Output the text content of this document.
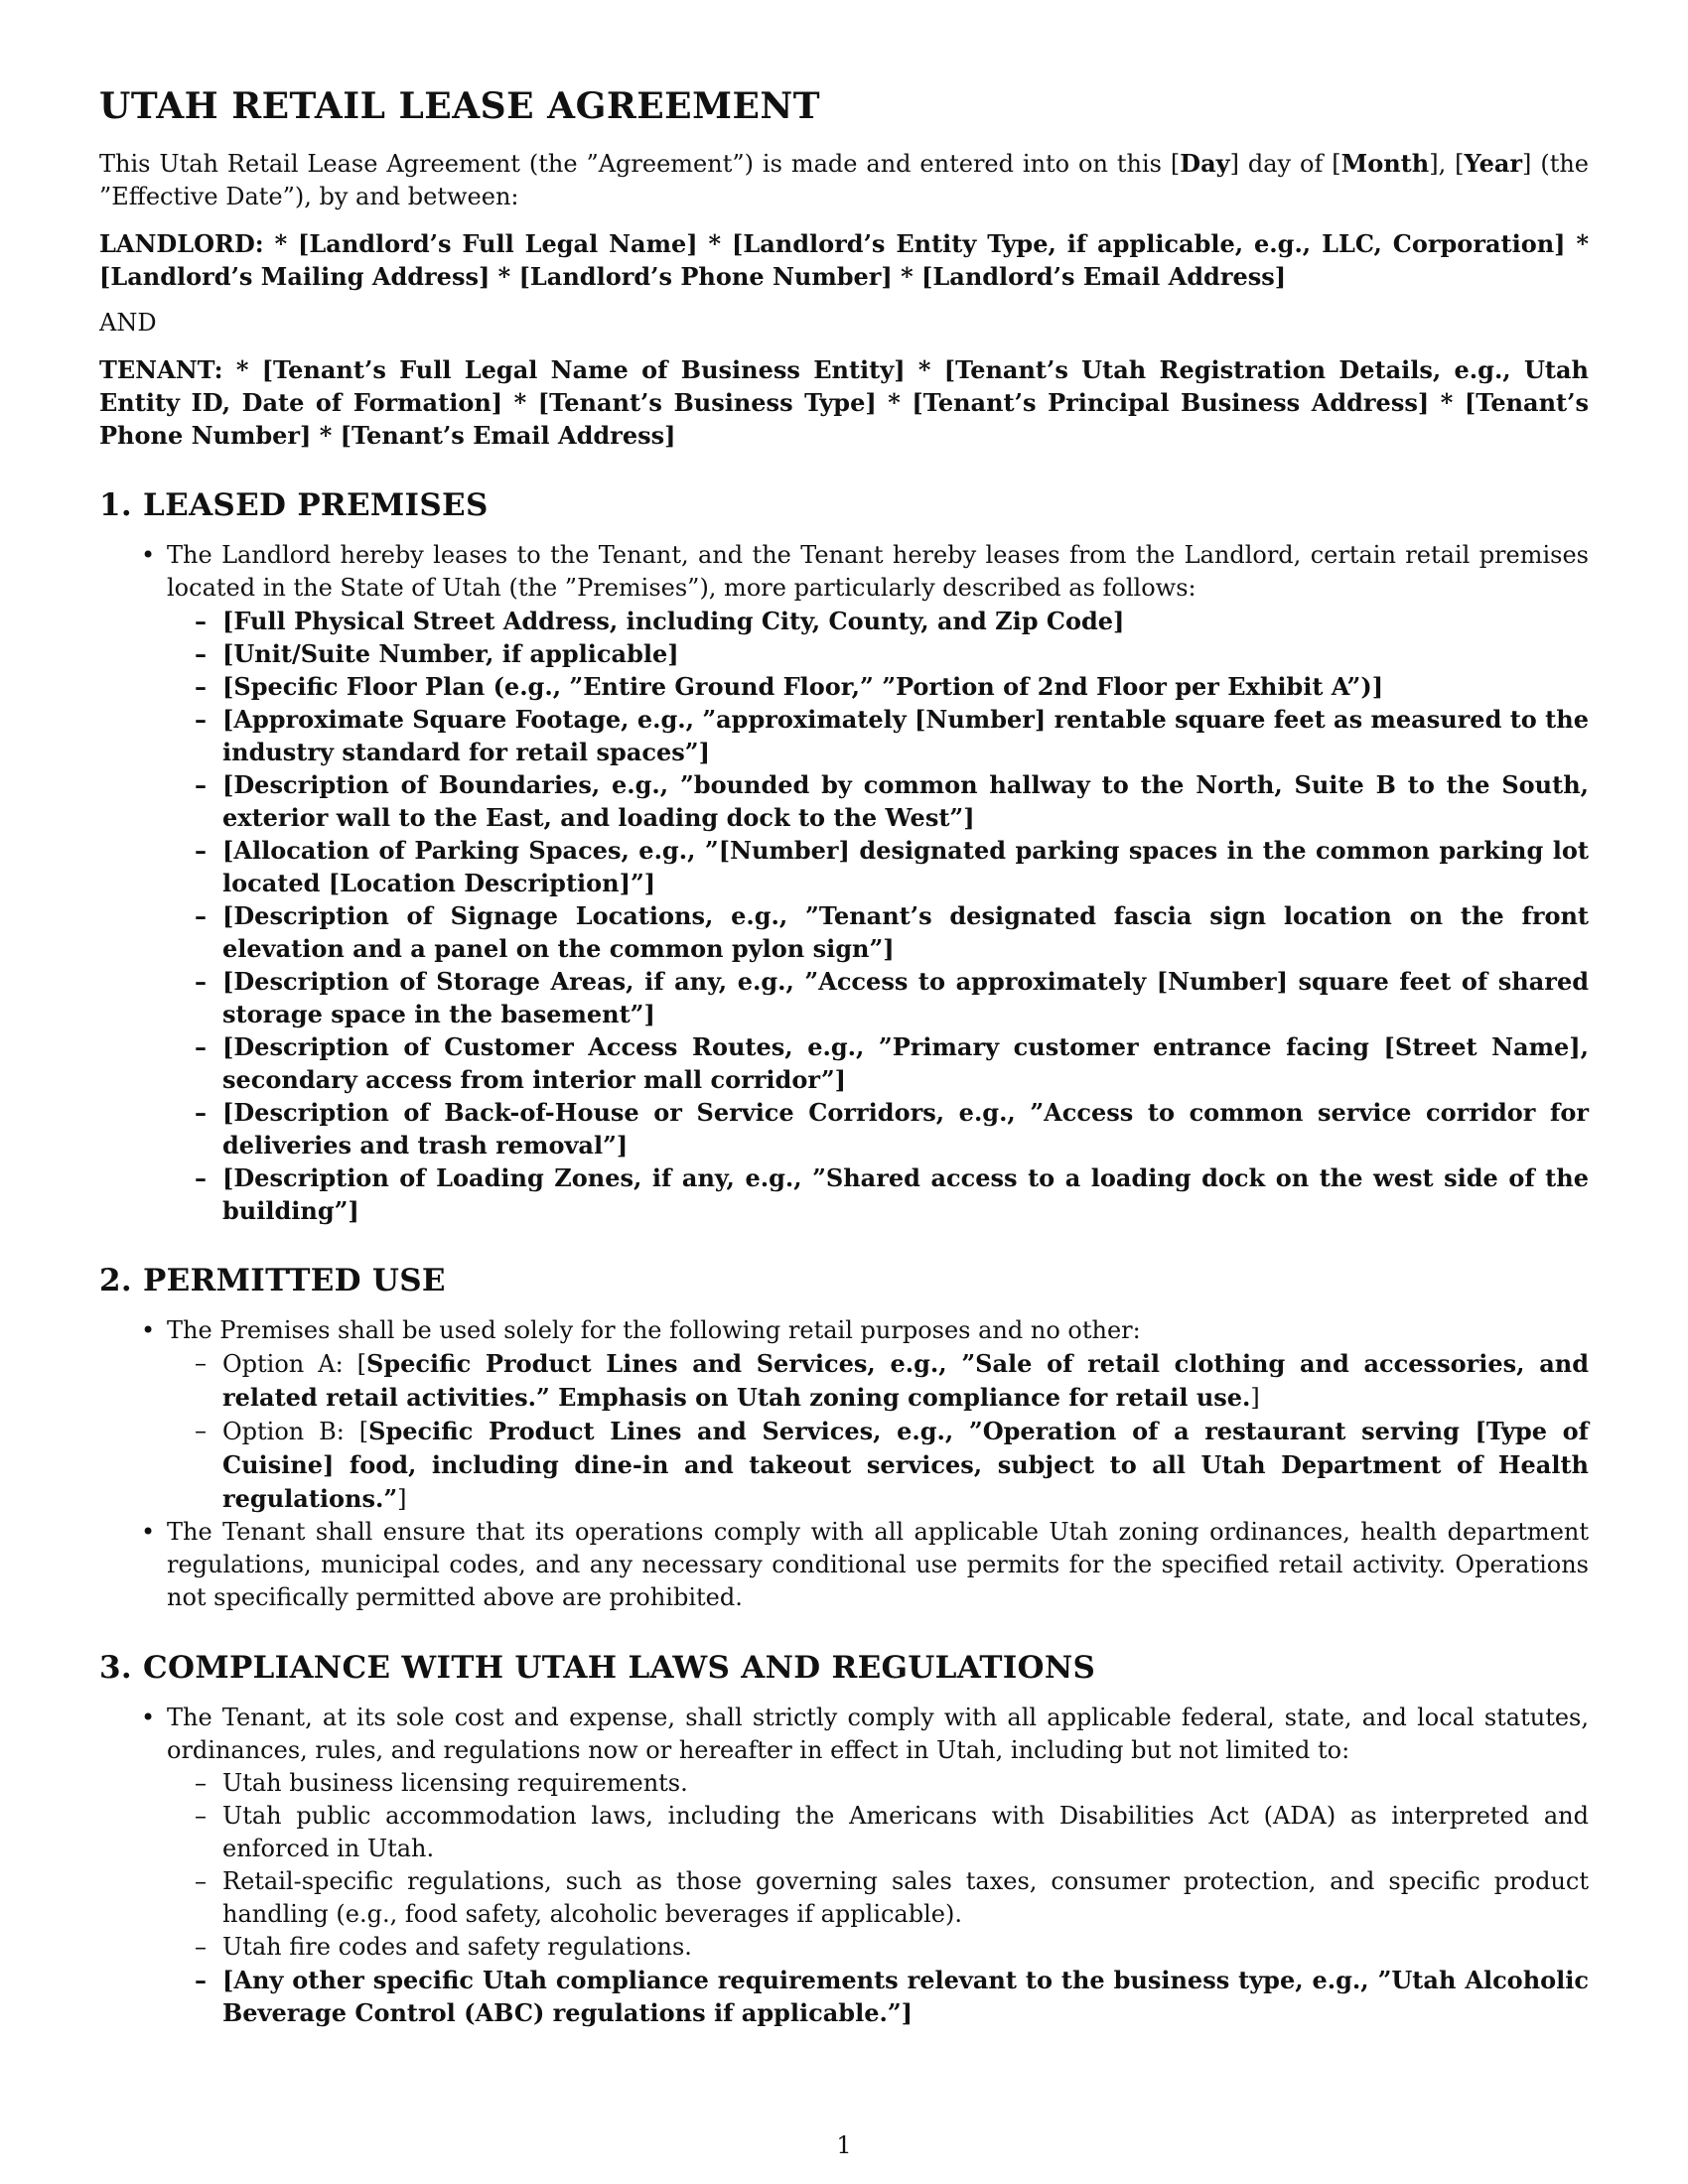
UTAH RETAIL LEASE AGREEMENT

This Utah Retail Lease Agreement (the ”Agreement”) is made and entered into on this [Day] day of [Month], [Year] (the ”Effective Date”), by and between:

LANDLORD: * [Landlord’s Full Legal Name] * [Landlord’s Entity Type, if applicable, e.g., LLC, Corporation] * [Landlord’s Mailing Address] * [Landlord’s Phone Number] * [Landlord’s Email Address]

AND

TENANT: * [Tenant’s Full Legal Name of Business Entity] * [Tenant’s Utah Registration Details, e.g., Utah Entity ID, Date of Formation] * [Tenant’s Business Type] * [Tenant’s Principal Business Address] * [Tenant’s Phone Number] * [Tenant’s Email Address]

1. LEASED PREMISES
• The Landlord hereby leases to the Tenant, and the Tenant hereby leases from the Landlord, certain retail premises located in the State of Utah (the ”Premises”), more particularly described as follows:
– [Full Physical Street Address, including City, County, and Zip Code]
– [Unit/Suite Number, if applicable]
– [Specific Floor Plan (e.g., ”Entire Ground Floor,” ”Portion of 2nd Floor per Exhibit A”)]
– [Approximate Square Footage, e.g., ”approximately [Number] rentable square feet as measured to the industry standard for retail spaces”]
– [Description of Boundaries, e.g., ”bounded by common hallway to the North, Suite B to the South, exterior wall to the East, and loading dock to the West”]
– [Allocation of Parking Spaces, e.g., ”[Number] designated parking spaces in the common parking lot located [Location Description]”]
– [Description of Signage Locations, e.g., ”Tenant’s designated fascia sign location on the front elevation and a panel on the common pylon sign”]
– [Description of Storage Areas, if any, e.g., ”Access to approximately [Number] square feet of shared storage space in the basement”]
– [Description of Customer Access Routes, e.g., ”Primary customer entrance facing [Street Name], secondary access from interior mall corridor”]
– [Description of Back-of-House or Service Corridors, e.g., ”Access to common service corridor for deliveries and trash removal”]
– [Description of Loading Zones, if any, e.g., ”Shared access to a loading dock on the west side of the building”]
2. PERMITTED USE
• The Premises shall be used solely for the following retail purposes and no other:
– Option A: [Specific Product Lines and Services, e.g., ”Sale of retail clothing and accessories, and related retail activities.” Emphasis on Utah zoning compliance for retail use.]
– Option B: [Specific Product Lines and Services, e.g., ”Operation of a restaurant serving [Type of Cuisine] food, including dine-in and takeout services, subject to all Utah Department of Health regulations.”]
• The Tenant shall ensure that its operations comply with all applicable Utah zoning ordinances, health department regulations, municipal codes, and any necessary conditional use permits for the specified retail activity. Operations not specifically permitted above are prohibited.
3. COMPLIANCE WITH UTAH LAWS AND REGULATIONS
• The Tenant, at its sole cost and expense, shall strictly comply with all applicable federal, state, and local statutes, ordinances, rules, and regulations now or hereafter in effect in Utah, including but not limited to:
– Utah business licensing requirements.
– Utah public accommodation laws, including the Americans with Disabilities Act (ADA) as interpreted and enforced in Utah.
– Retail-specific regulations, such as those governing sales taxes, consumer protection, and specific product handling (e.g., food safety, alcoholic beverages if applicable).
– Utah fire codes and safety regulations.
– [Any other specific Utah compliance requirements relevant to the business type, e.g., ”Utah Alcoholic Beverage Control (ABC) regulations if applicable.”]
1
